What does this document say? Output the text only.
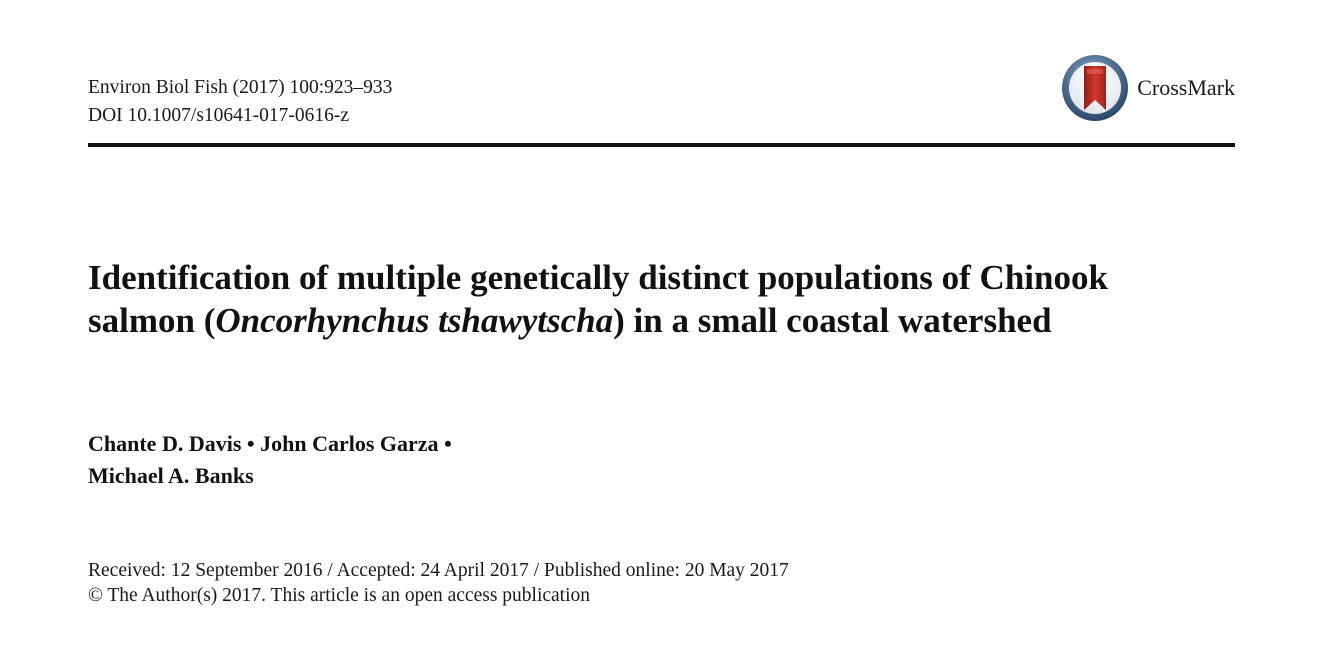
Environ Biol Fish (2017) 100:923–933
DOI 10.1007/s10641-017-0616-z
CrossMark
Identification of multiple genetically distinct populations of Chinook salmon (Oncorhynchus tshawytscha) in a small coastal watershed
Chante D. Davis • John Carlos Garza •
Michael A. Banks
Received: 12 September 2016 / Accepted: 24 April 2017 / Published online: 20 May 2017
© The Author(s) 2017. This article is an open access publication
